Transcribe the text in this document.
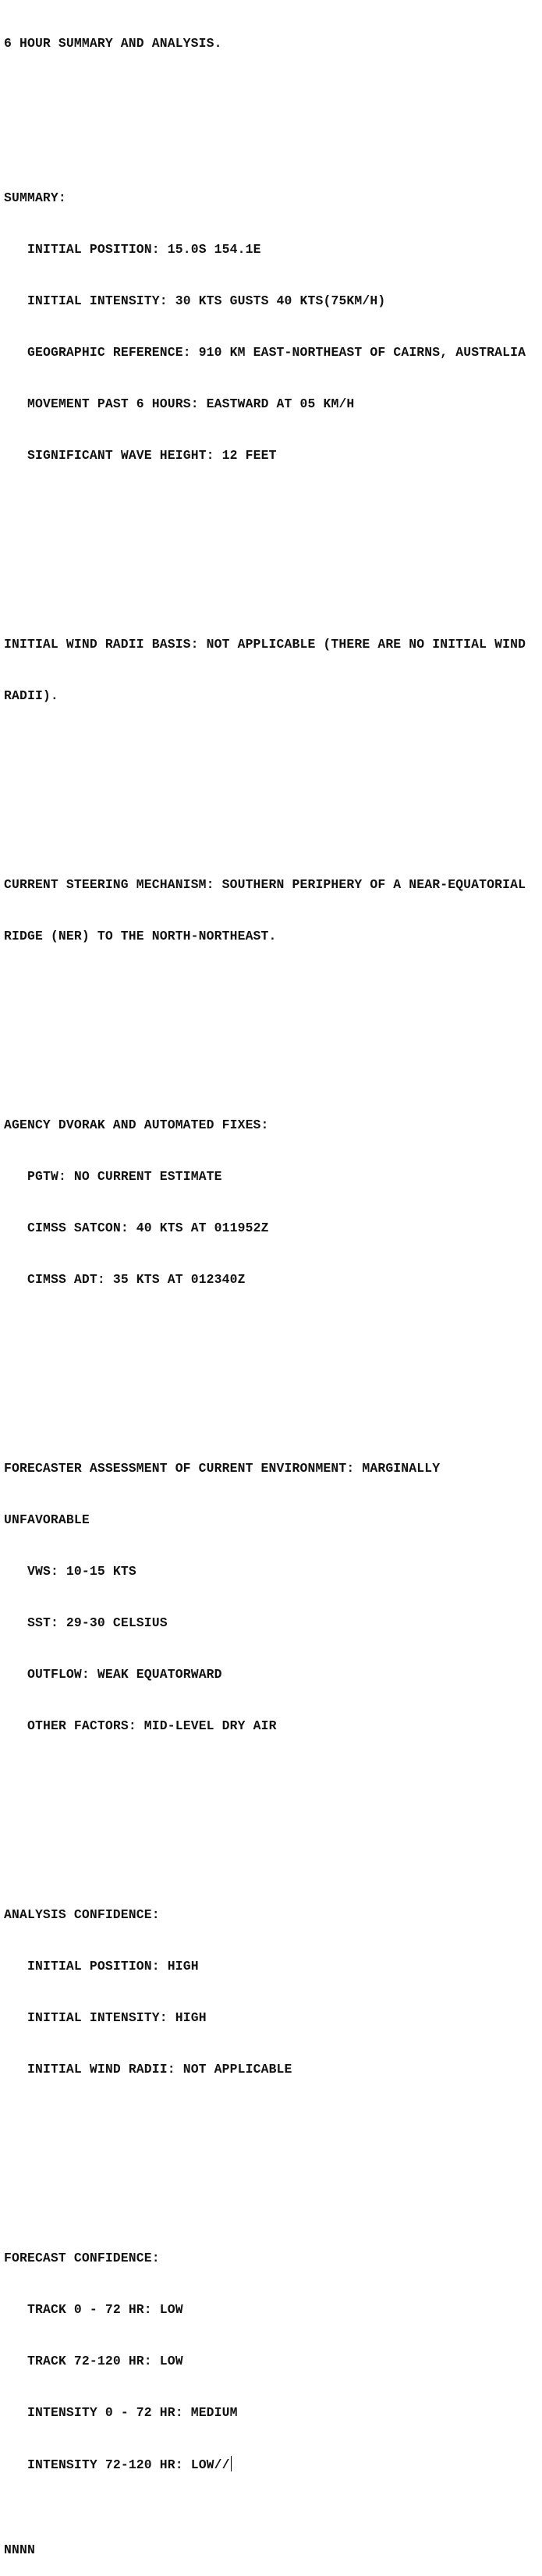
6 HOUR SUMMARY AND ANALYSIS.

SUMMARY:

INITIAL POSITION: 15.0S 154.1E

INITIAL INTENSITY: 30 KTS GUSTS 40 KTS(75KM/H)

GEOGRAPHIC REFERENCE: 910 KM EAST-NORTHEAST OF CAIRNS, AUSTRALIA

MOVEMENT PAST 6 HOURS: EASTWARD AT 05 KM/H

SIGNIFICANT WAVE HEIGHT: 12 FEET

INITIAL WIND RADII BASIS: NOT APPLICABLE (THERE ARE NO INITIAL WIND

RADII).

CURRENT STEERING MECHANISM: SOUTHERN PERIPHERY OF A NEAR-EQUATORIAL

RIDGE (NER) TO THE NORTH-NORTHEAST.

AGENCY DVORAK AND AUTOMATED FIXES:

PGTW: NO CURRENT ESTIMATE

CIMSS SATCON: 40 KTS AT 011952Z

CIMSS ADT: 35 KTS AT 012340Z

FORECASTER ASSESSMENT OF CURRENT ENVIRONMENT: MARGINALLY

UNFAVORABLE

VWS: 10-15 KTS

SST: 29-30 CELSIUS

OUTFLOW: WEAK EQUATORWARD

OTHER FACTORS: MID-LEVEL DRY AIR

ANALYSIS CONFIDENCE:

INITIAL POSITION: HIGH

INITIAL INTENSITY: HIGH

INITIAL WIND RADII: NOT APPLICABLE

FORECAST CONFIDENCE:

TRACK 0 - 72 HR: LOW

TRACK 72-120 HR: LOW

INTENSITY 0 - 72 HR: MEDIUM

INTENSITY 72-120 HR: LOW//

NNNN
